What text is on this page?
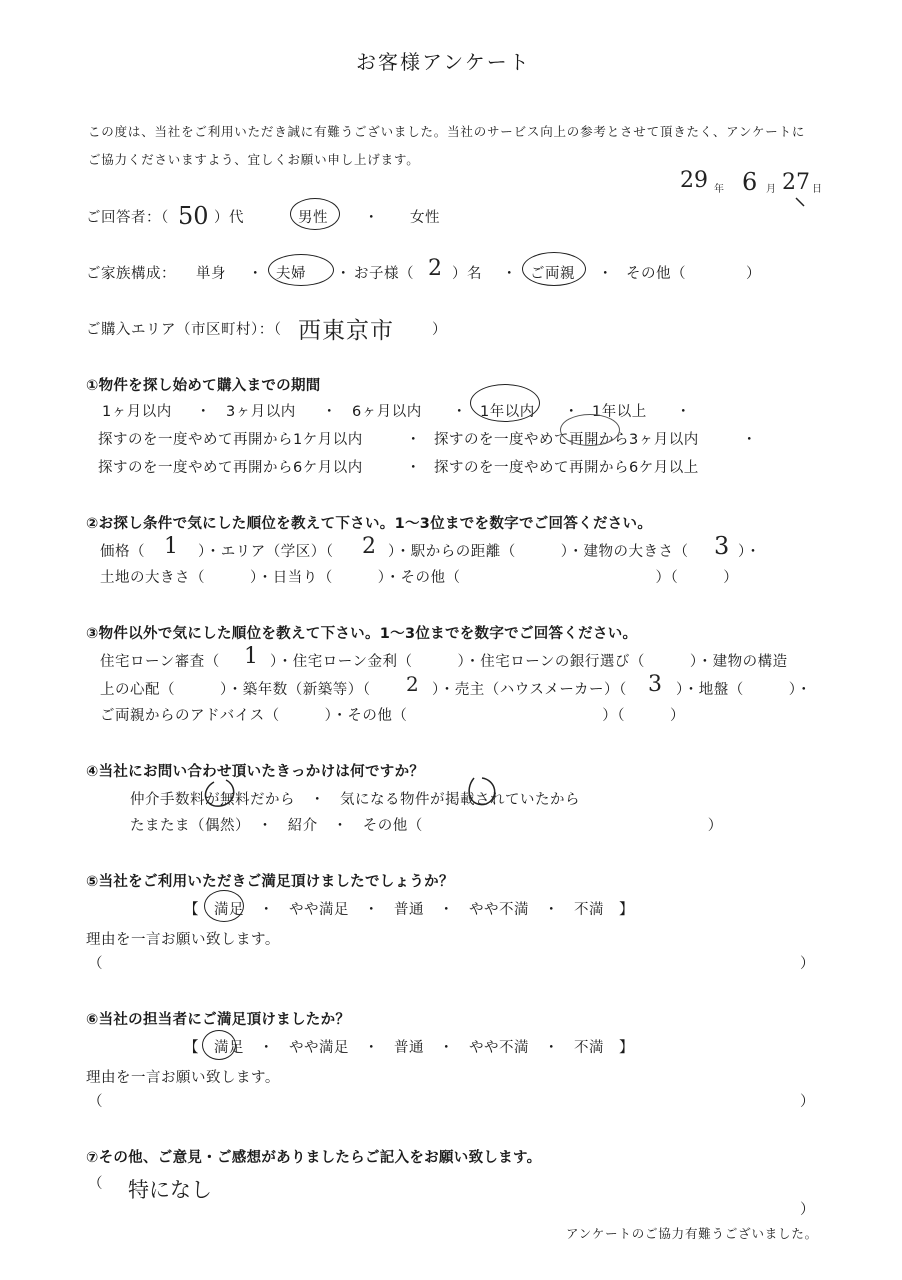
お客様アンケート
この度は、当社をご利用いただき誠に有難うございました。当社のサービス向上の参考とさせて頂きたく、アンケートに
ご協力くださいますよう、宜しくお願い申し上げます。
29 年 6 月 27 日
ご回答者：（ 50 ）代	男性 ・ 女性
ご家族構成： 単身 ・ 夫婦 ・ お子様（ 2 ）名 ・ ご両親 ・ その他（　　　　）
ご購入エリア（市区町村）：（ 西東京市	）
①物件を探し始めて購入までの期間
1ヶ月以内 ・ 3ヶ月以内 ・ 6ヶ月以内 ・ 1年以内 ・ 1年以上 ・
探すのを一度やめて再開から1ケ月以内	・ 探すのを一度やめて再開から3ヶ月以内	・
探すのを一度やめて再開から6ケ月以内	・ 探すのを一度やめて再開から6ケ月以上
②お探し条件で気にした順位を教えて下さい。1～3位までを数字でご回答ください。
価格（ 1 ）・エリア（学区）（ 2 ）・駅からの距離（　　　）・建物の大きさ（ 3 ）・
土地の大きさ（　　　）・日当り（　　　）・その他（　　　　　　　　　　　　　）（　　　）
③物件以外で気にした順位を教えて下さい。1～3位までを数字でご回答ください。
住宅ローン審査（ 1 ）・住宅ローン金利（　　　）・住宅ローンの銀行選び（　　　）・建物の構造
上の心配（　　　）・築年数（新築等）（ 2 ）・売主（ハウスメーカー）（ 3 ）・地盤（　　　）・
ご両親からのアドバイス（　　　）・その他（　　　　　　　　　　　　　）（　　　）
④当社にお問い合わせ頂いたきっかけは何ですか？
仲介手数料が無料だから　・　気になる物件が掲載されていたから
たまたま（偶然）　・　紹介　・　その他（　　　　　　　　　　　　　　　　　　　）
⑤当社をご利用いただきご満足頂けましたでしょうか？
【　満足　・　やや満足　・　普通　・　やや不満　・　不満　】
理由を一言お願い致します。
（	）
⑥当社の担当者にご満足頂けましたか？
【　満足　・　やや満足　・　普通　・　やや不満　・　不満　】
理由を一言お願い致します。
（	）
⑦その他、ご意見・ご感想がありましたらご記入をお願い致します。
（ 特になし
）
アンケートのご協力有難うございました。
